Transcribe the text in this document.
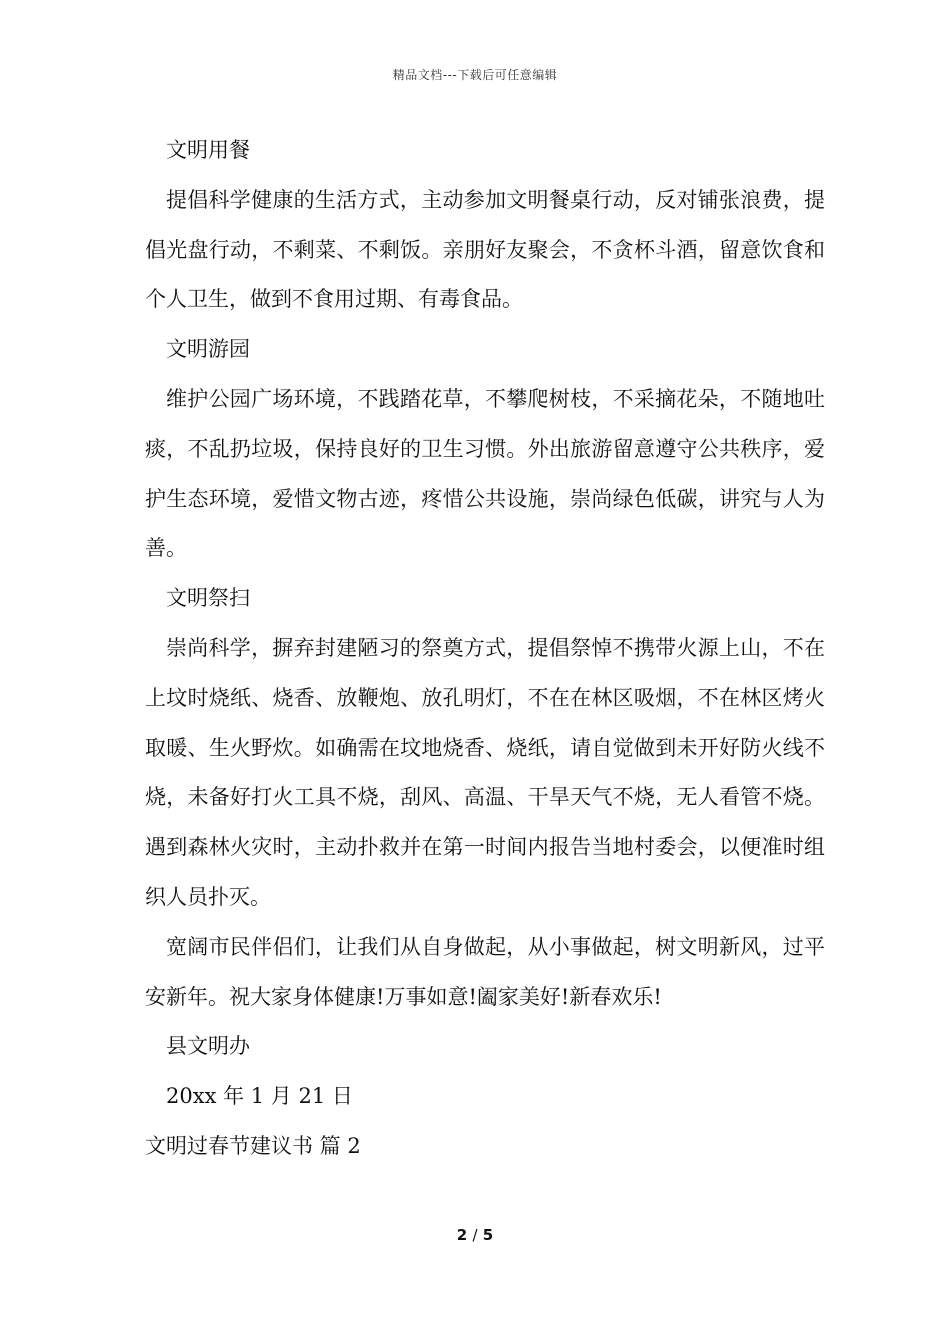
精品文档---下载后可任意编辑

文明用餐

提倡科学健康的生活方式，主动参加文明餐桌行动，反对铺张浪费，提倡光盘行动，不剩菜、不剩饭。亲朋好友聚会，不贪杯斗酒，留意饮食和个人卫生，做到不食用过期、有毒食品。

文明游园

维护公园广场环境，不践踏花草，不攀爬树枝，不采摘花朵，不随地吐痰，不乱扔垃圾，保持良好的卫生习惯。外出旅游留意遵守公共秩序，爱护生态环境，爱惜文物古迹，疼惜公共设施，崇尚绿色低碳，讲究与人为善。

文明祭扫

崇尚科学，摒弃封建陋习的祭奠方式，提倡祭悼不携带火源上山，不在上坟时烧纸、烧香、放鞭炮、放孔明灯，不在在林区吸烟，不在林区烤火取暖、生火野炊。如确需在坟地烧香、烧纸，请自觉做到未开好防火线不烧，未备好打火工具不烧，刮风、高温、干旱天气不烧，无人看管不烧。遇到森林火灾时，主动扑救并在第一时间内报告当地村委会，以便准时组织人员扑灭。

宽阔市民伴侣们，让我们从自身做起，从小事做起，树文明新风，过平安新年。祝大家身体健康!万事如意!阖家美好!新春欢乐!

县文明办

20xx 年 1 月 21 日

文明过春节建议书 篇 2

2 / 5
